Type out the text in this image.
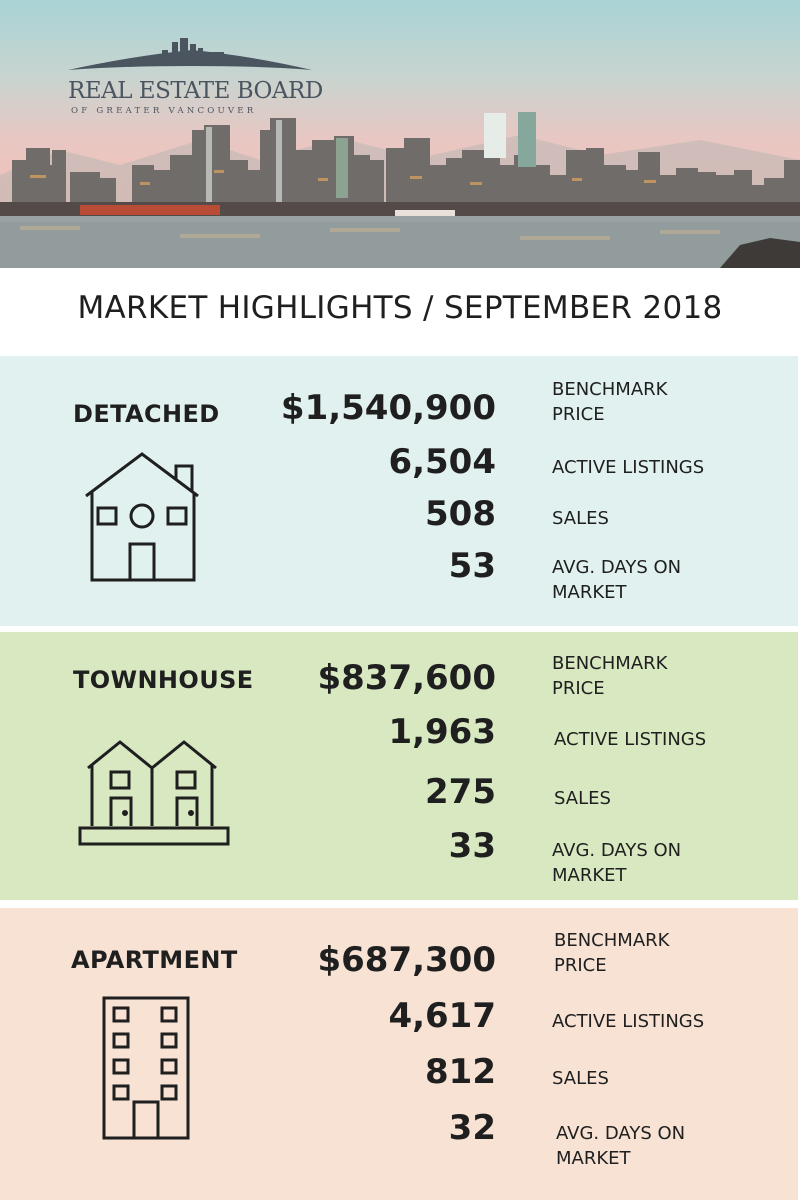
REAL ESTATE BOARD

OF GREATER VANCOUVER

MARKET HIGHLIGHTS / SEPTEMBER 2018
DETACHED $1,540,900	BENCHMARK

PRICE

6,504	ACTIVE LISTINGS

508	SALES

53	AVG. DAYS ON

MARKET

TOWNHOUSE $837,600	BENCHMARK

PRICE

1,963	ACTIVE LISTINGS

275	SALES

33	AVG. DAYS ON

MARKET

APARTMENT $687,300	BENCHMARK

PRICE

4,617	ACTIVE LISTINGS

812	SALES

32	AVG. DAYS ON

MARKET
